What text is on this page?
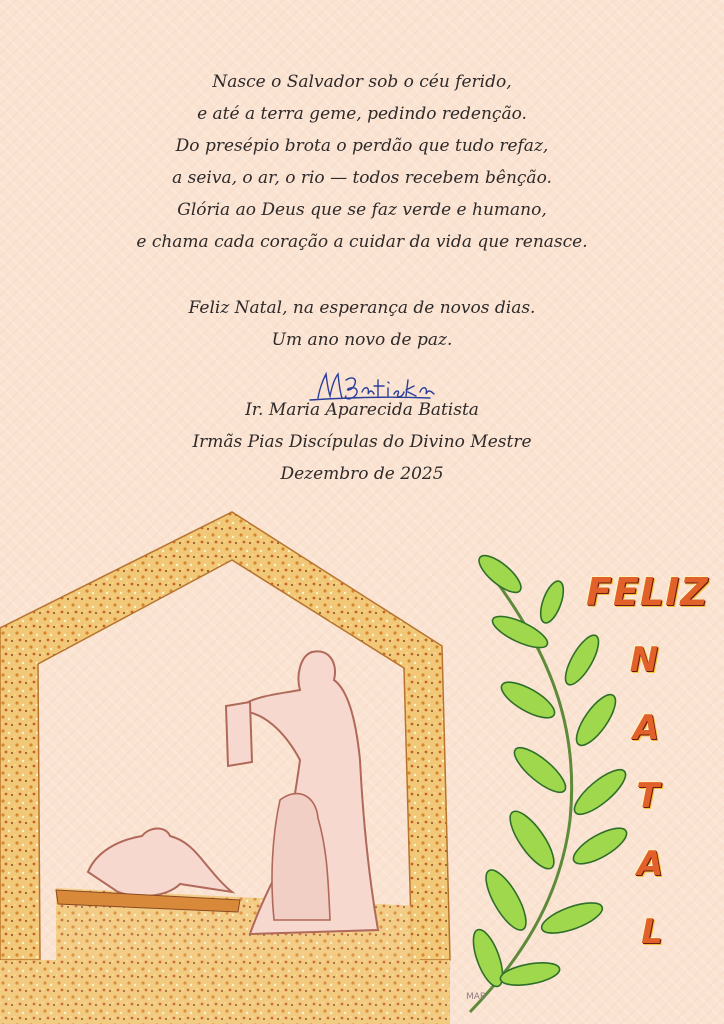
Nasce o Salvador sob o céu ferido,
e até a terra geme, pedindo redenção.
Do presépio brota o perdão que tudo refaz,
a seiva, o ar, o rio — todos recebem bênção.
Glória ao Deus que se faz verde e humano,
e chama cada coração a cuidar da vida que renasce.
Feliz Natal, na esperança de novos dias.
Um ano novo de paz.
Ir. Maria Aparecida Batista
Irmãs Pias Discípulas do Divino Mestre
Dezembro de 2025
FELIZ
N
A
T
A
L
MAB
